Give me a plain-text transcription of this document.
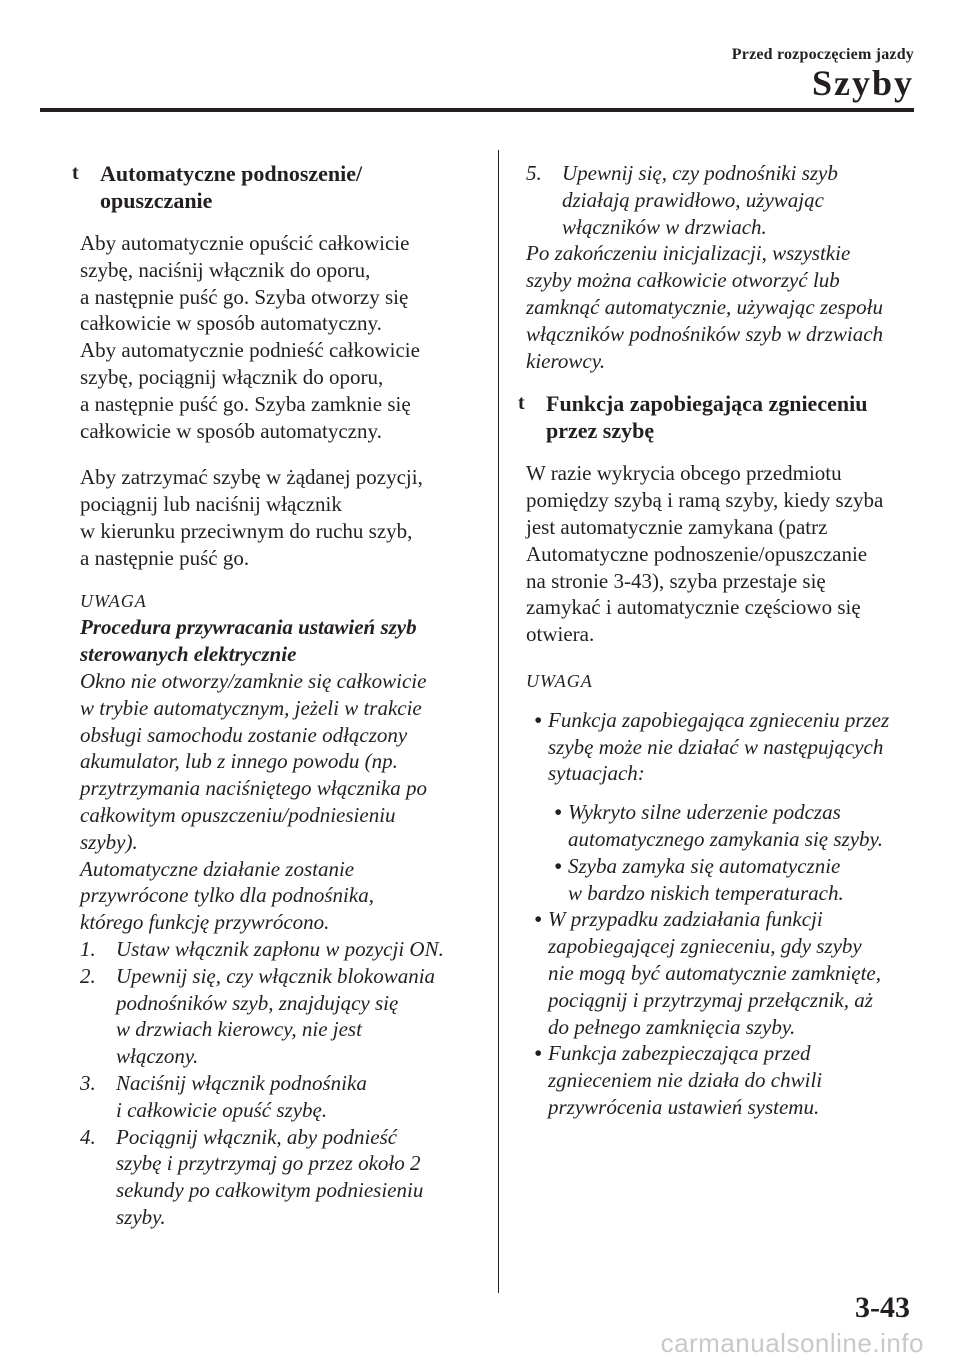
Przed rozpoczęciem jazdy
Szyby
t Automatyczne podnoszenie/
opuszczanie
Aby automatycznie opuścić całkowicie
szybę, naciśnij włącznik do oporu,
a następnie puść go. Szyba otworzy się
całkowicie w sposób automatyczny.
Aby automatycznie podnieść całkowicie
szybę, pociągnij włącznik do oporu,
a następnie puść go. Szyba zamknie się
całkowicie w sposób automatyczny.
Aby zatrzymać szybę w żądanej pozycji,
pociągnij lub naciśnij włącznik
w kierunku przeciwnym do ruchu szyb,
a następnie puść go.
UWAGA
Procedura przywracania ustawień szyb
sterowanych elektrycznie
Okno nie otworzy/zamknie się całkowicie
w trybie automatycznym, jeżeli w trakcie
obsługi samochodu zostanie odłączony
akumulator, lub z innego powodu (np.
przytrzymania naciśniętego włącznika po
całkowitym opuszczeniu/podniesieniu
szyby).
Automatyczne działanie zostanie
przywrócone tylko dla podnośnika,
którego funkcję przywrócono.
1. Ustaw włącznik zapłonu w pozycji ON.
2. Upewnij się, czy włącznik blokowania
podnośników szyb, znajdujący się
w drzwiach kierowcy, nie jest
włączony.
3. Naciśnij włącznik podnośnika
i całkowicie opuść szybę.
4. Pociągnij włącznik, aby podnieść
szybę i przytrzymaj go przez około 2
sekundy po całkowitym podniesieniu
szyby.
5. Upewnij się, czy podnośniki szyb
działają prawidłowo, używając
włączników w drzwiach.
Po zakończeniu inicjalizacji, wszystkie
szyby można całkowicie otworzyć lub
zamknąć automatycznie, używając zespołu
włączników podnośników szyb w drzwiach
kierowcy.
t Funkcja zapobiegająca zgnieceniu
przez szybę
W razie wykrycia obcego przedmiotu
pomiędzy szybą i ramą szyby, kiedy szyba
jest automatycznie zamykana (patrz
Automatyczne podnoszenie/opuszczanie
na stronie 3-43), szyba przestaje się
zamykać i automatycznie częściowo się
otwiera.
UWAGA
• Funkcja zapobiegająca zgnieceniu przez
szybę może nie działać w następujących
sytuacjach:
• Wykryto silne uderzenie podczas
automatycznego zamykania się szyby.
• Szyba zamyka się automatycznie
w bardzo niskich temperaturach.
• W przypadku zadziałania funkcji
zapobiegającej zgnieceniu, gdy szyby
nie mogą być automatycznie zamknięte,
pociągnij i przytrzymaj przełącznik, aż
do pełnego zamknięcia szyby.
• Funkcja zabezpieczająca przed
zgnieceniem nie działa do chwili
przywrócenia ustawień systemu.
3-43
carmanualsonline.info
